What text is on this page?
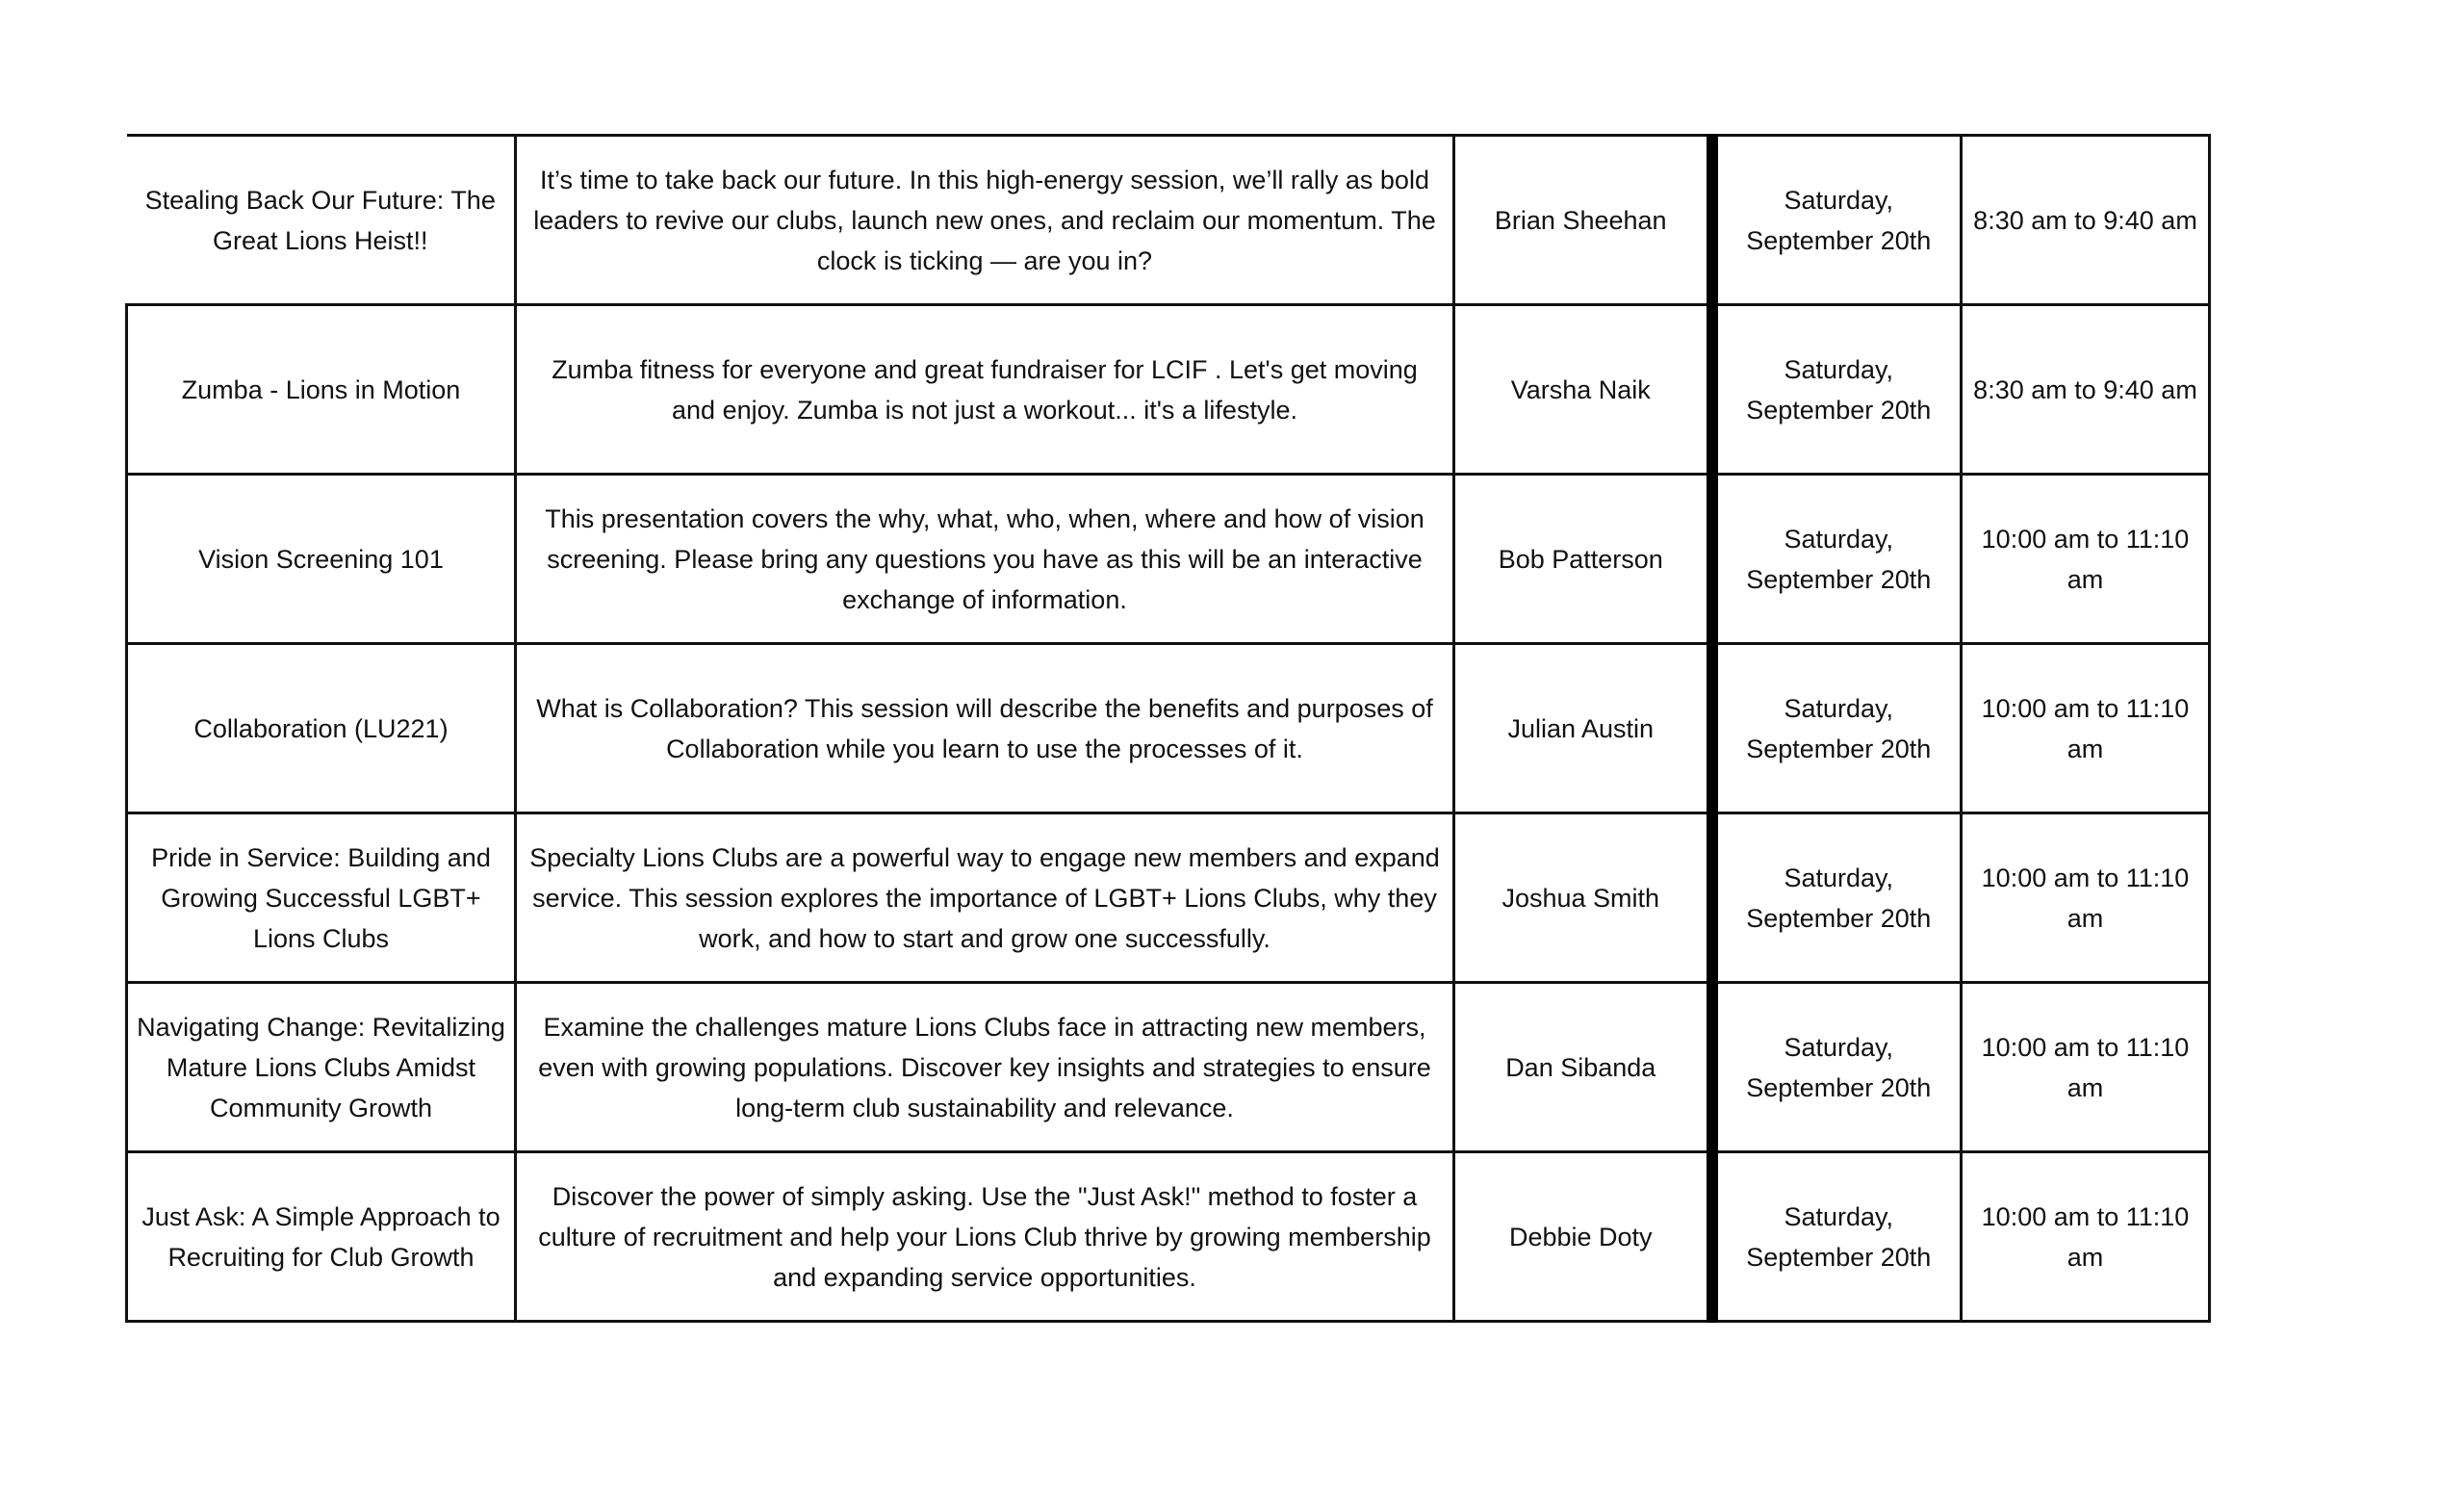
Stealing Back Our Future: The Great Lions Heist!!	It’s time to take back our future. In this high-energy session, we’ll rally as bold leaders to revive our clubs, launch new ones, and reclaim our momentum. The clock is ticking — are you in?	Brian Sheehan	Saturday, September 20th	8:30 am to 9:40 am
Zumba - Lions in Motion	Zumba fitness for everyone and great fundraiser for LCIF . Let's get moving and enjoy. Zumba is not just a workout... it's a lifestyle.	Varsha Naik	Saturday, September 20th	8:30 am to 9:40 am
Vision Screening 101	This presentation covers the why, what, who, when, where and how of vision screening. Please bring any questions you have as this will be an interactive exchange of information.	Bob Patterson	Saturday, September 20th	10:00 am to 11:10 am
Collaboration (LU221)	What is Collaboration? This session will describe the benefits and purposes of Collaboration while you learn to use the processes of it.	Julian Austin	Saturday, September 20th	10:00 am to 11:10 am
Pride in Service: Building and Growing Successful LGBT+ Lions Clubs	Specialty Lions Clubs are a powerful way to engage new members and expand service. This session explores the importance of LGBT+ Lions Clubs, why they work, and how to start and grow one successfully.	Joshua Smith	Saturday, September 20th	10:00 am to 11:10 am
Navigating Change: Revitalizing Mature Lions Clubs Amidst Community Growth	Examine the challenges mature Lions Clubs face in attracting new members, even with growing populations. Discover key insights and strategies to ensure long-term club sustainability and relevance.	Dan Sibanda	Saturday, September 20th	10:00 am to 11:10 am
Just Ask: A Simple Approach to Recruiting for Club Growth	Discover the power of simply asking. Use the "Just Ask!" method to foster a culture of recruitment and help your Lions Club thrive by growing membership and expanding service opportunities.	Debbie Doty	Saturday, September 20th	10:00 am to 11:10 am
